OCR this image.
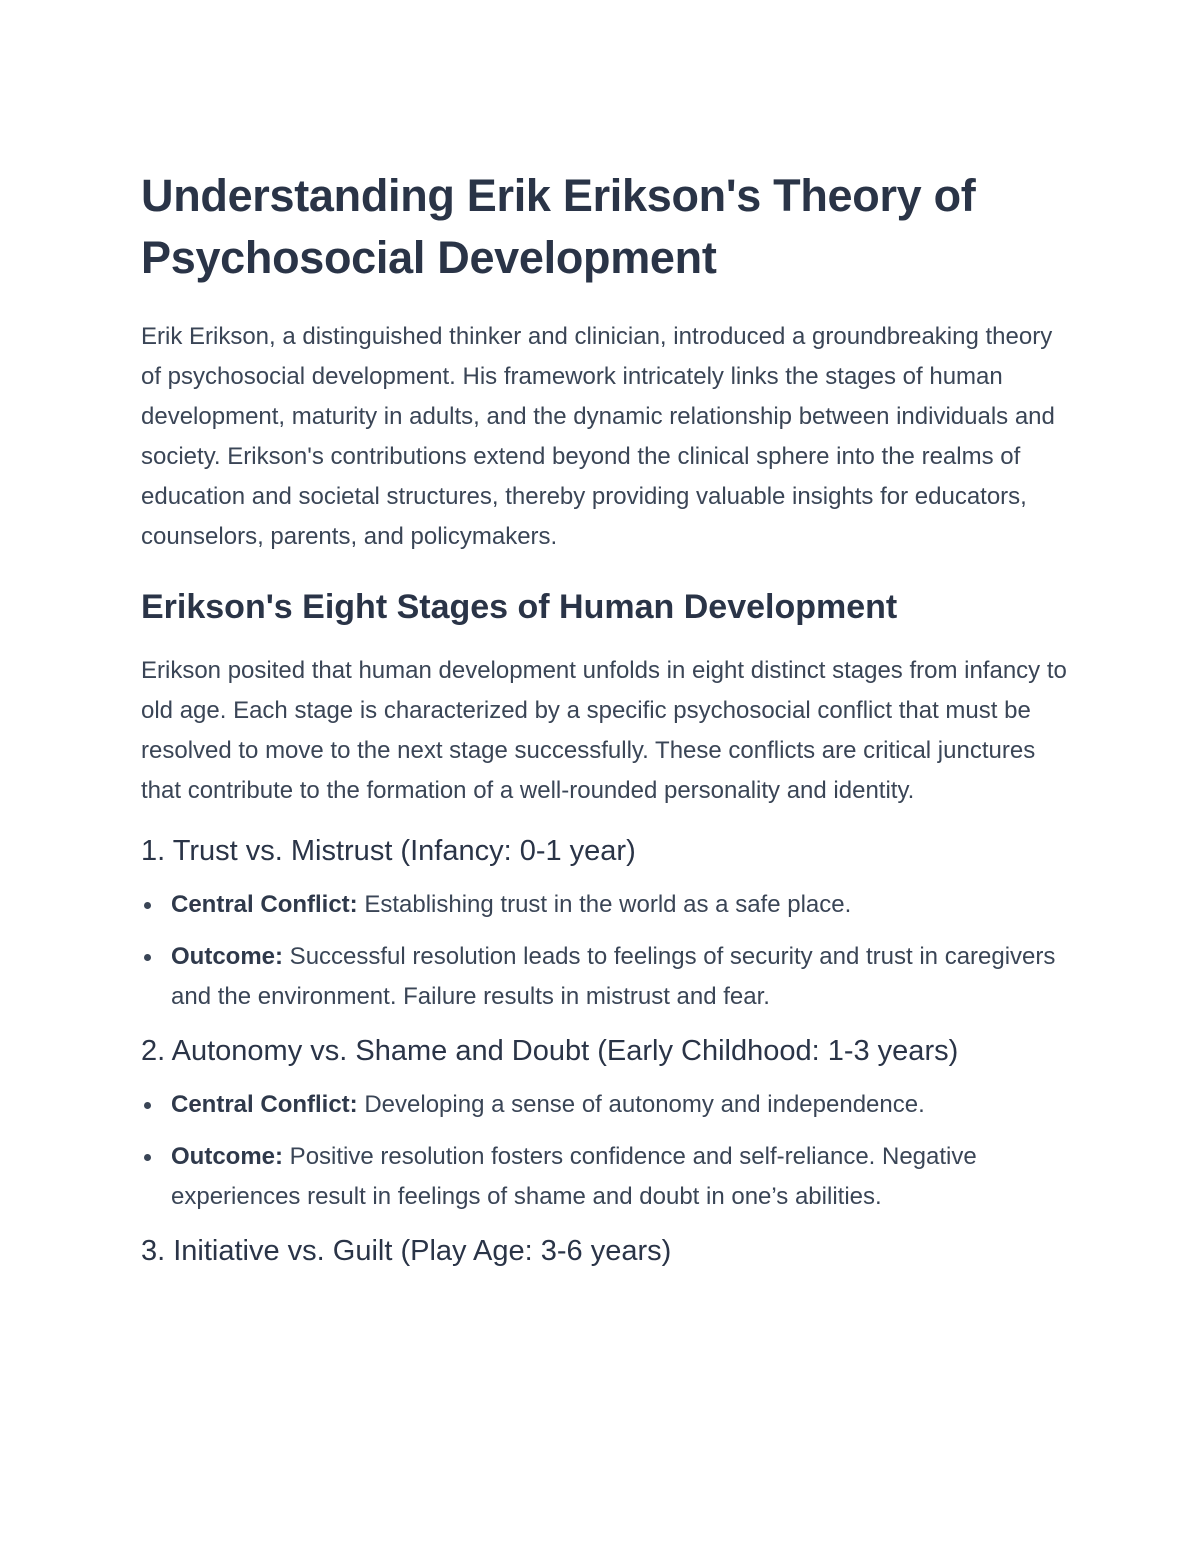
Understanding Erik Erikson's Theory of Psychosocial Development

Erik Erikson, a distinguished thinker and clinician, introduced a groundbreaking theory of psychosocial development. His framework intricately links the stages of human development, maturity in adults, and the dynamic relationship between individuals and society. Erikson's contributions extend beyond the clinical sphere into the realms of education and societal structures, thereby providing valuable insights for educators, counselors, parents, and policymakers.

Erikson's Eight Stages of Human Development

Erikson posited that human development unfolds in eight distinct stages from infancy to old age. Each stage is characterized by a specific psychosocial conflict that must be resolved to move to the next stage successfully. These conflicts are critical junctures that contribute to the formation of a well-rounded personality and identity.

1. Trust vs. Mistrust (Infancy: 0-1 year)
Central Conflict: Establishing trust in the world as a safe place.
Outcome: Successful resolution leads to feelings of security and trust in caregivers and the environment. Failure results in mistrust and fear.
2. Autonomy vs. Shame and Doubt (Early Childhood: 1-3 years)
Central Conflict: Developing a sense of autonomy and independence.
Outcome: Positive resolution fosters confidence and self-reliance. Negative experiences result in feelings of shame and doubt in one’s abilities.
3. Initiative vs. Guilt (Play Age: 3-6 years)
